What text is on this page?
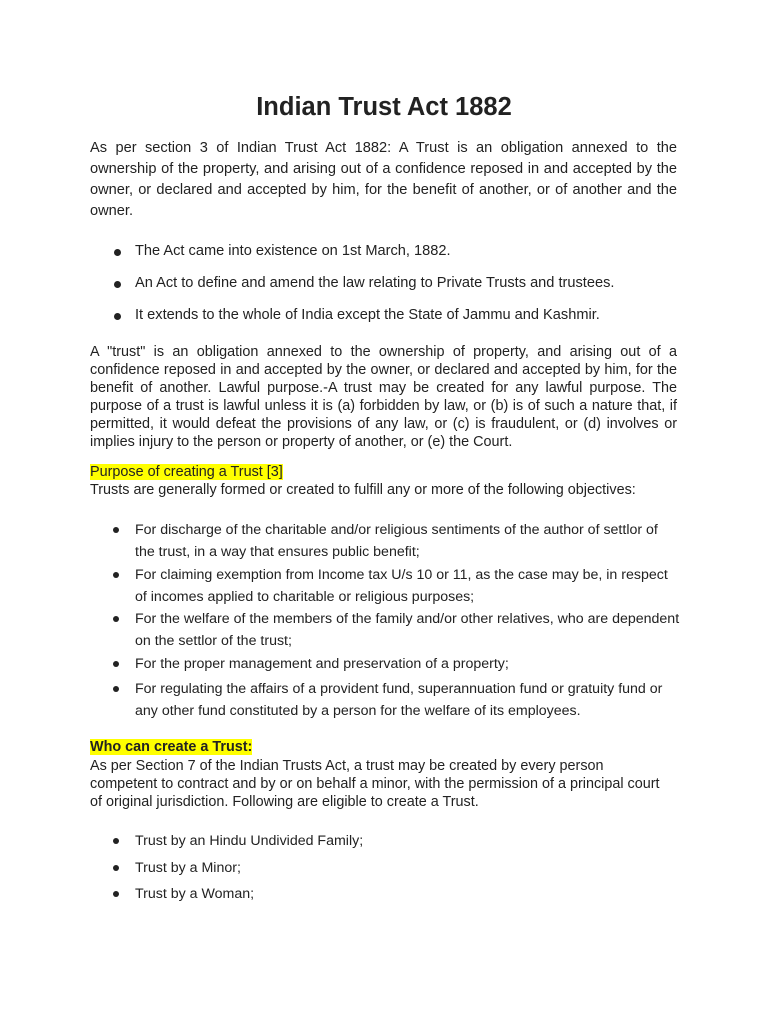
Indian Trust Act 1882

As per section 3 of Indian Trust Act 1882: A Trust is an obligation annexed to the ownership of the property, and arising out of a confidence reposed in and accepted by the owner, or declared and accepted by him, for the benefit of another, or of another and the owner.

The Act came into existence on 1st March, 1882.
An Act to define and amend the law relating to Private Trusts and trustees.
It extends to the whole of India except the State of Jammu and Kashmir.

A "trust" is an obligation annexed to the ownership of property, and arising out of a confidence reposed in and accepted by the owner, or declared and accepted by him, for the benefit of another. Lawful purpose.-A trust may be created for any lawful purpose. The purpose of a trust is lawful unless it is (a) forbidden by law, or (b) is of such a nature that, if permitted, it would defeat the provisions of any law, or (c) is fraudulent, or (d) involves or implies injury to the person or property of another, or (e) the Court.

Purpose of creating a Trust [3]

Trusts are generally formed or created to fulfill any or more of the following objectives:

For discharge of the charitable and/or religious sentiments of the author of settlor of the trust, in a way that ensures public benefit;
For claiming exemption from Income tax U/s 10 or 11, as the case may be, in respect of incomes applied to charitable or religious purposes;
For the welfare of the members of the family and/or other relatives, who are dependent on the settlor of the trust;
For the proper management and preservation of a property;
For regulating the affairs of a provident fund, superannuation fund or gratuity fund or any other fund constituted by a person for the welfare of its employees.

Who can create a Trust:

As per Section 7 of the Indian Trusts Act, a trust may be created by every person competent to contract and by or on behalf a minor, with the permission of a principal court of original jurisdiction. Following are eligible to create a Trust.

Trust by an Hindu Undivided Family;
Trust by a Minor;
Trust by a Woman;
